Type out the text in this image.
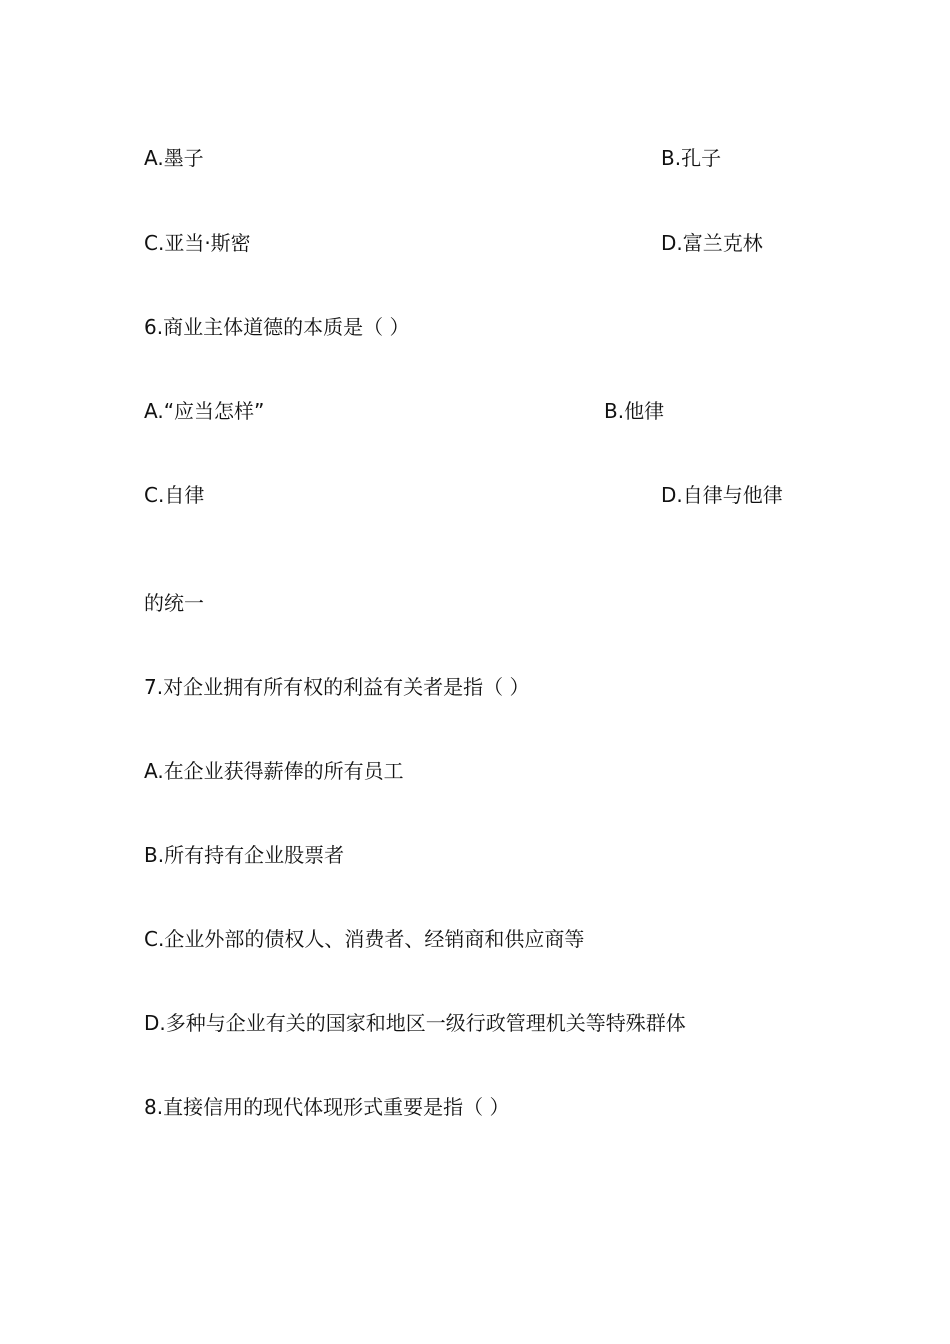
A.墨子	B.孔子
C.亚当·斯密	D.富兰克林
6.商业主体道德的本质是（ ）
A.“应当怎样”	B.他律
C.自律	D.自律与他律
的统一
7.对企业拥有所有权的利益有关者是指（ ）
A.在企业获得薪俸的所有员工
B.所有持有企业股票者
C.企业外部的债权人、消费者、经销商和供应商等
D.多种与企业有关的国家和地区一级行政管理机关等特殊群体
8.直接信用的现代体现形式重要是指（ ）
